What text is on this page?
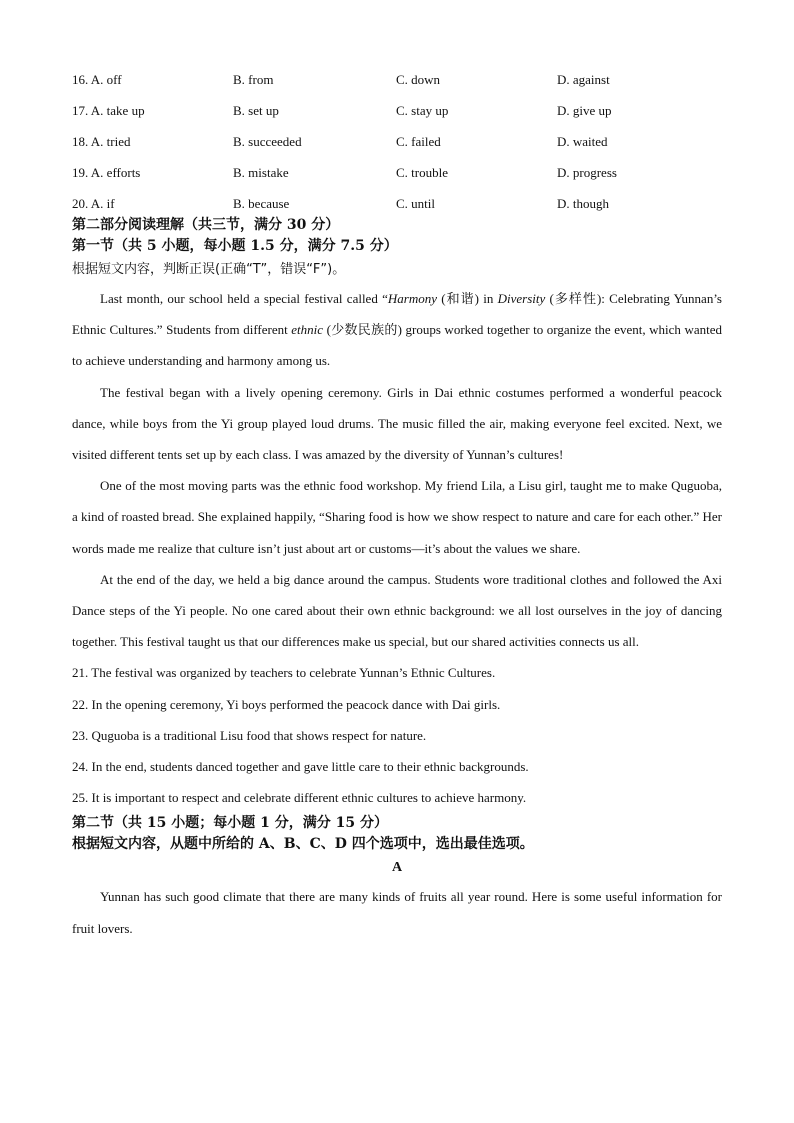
16. A. off	B. from	C. down	D. against
17. A. take up	B. set up	C. stay up	D. give up
18. A. tried	B. succeeded	C. failed	D. waited
19. A. efforts	B. mistake	C. trouble	D. progress
20. A. if	B. because	C. until	D. though
第二部分阅读理解（共三节，满分 30 分）
第一节（共 5 小题，每小题 1.5 分，满分 7.5 分）
根据短文内容，判断正误(正确“T”，错误“F”)。

Last month, our school held a special festival called “Harmony (和谐) in Diversity (多样性): Celebrating Yunnan’s Ethnic Cultures.” Students from different ethnic (少数民族的) groups worked together to organize the event, which wanted to achieve understanding and harmony among us.

The festival began with a lively opening ceremony. Girls in Dai ethnic costumes performed a wonderful peacock dance, while boys from the Yi group played loud drums. The music filled the air, making everyone feel excited. Next, we visited different tents set up by each class. I was amazed by the diversity of Yunnan’s cultures!

One of the most moving parts was the ethnic food workshop. My friend Lila, a Lisu girl, taught me to make Quguoba, a kind of roasted bread. She explained happily, “Sharing food is how we show respect to nature and care for each other.” Her words made me realize that culture isn’t just about art or customs—it’s about the values we share.

At the end of the day, we held a big dance around the campus. Students wore traditional clothes and followed the Axi Dance steps of the Yi people. No one cared about their own ethnic background: we all lost ourselves in the joy of dancing together. This festival taught us that our differences make us special, but our shared activities connects us all.

21. The festival was organized by teachers to celebrate Yunnan’s Ethnic Cultures.

22. In the opening ceremony, Yi boys performed the peacock dance with Dai girls.

23. Quguoba is a traditional Lisu food that shows respect for nature.

24. In the end, students danced together and gave little care to their ethnic backgrounds.

25. It is important to respect and celebrate different ethnic cultures to achieve harmony.

第二节（共 15 小题；每小题 1 分，满分 15 分）
根据短文内容，从题中所给的 A、B、C、D 四个选项中，选出最佳选项。
A

Yunnan has such good climate that there are many kinds of fruits all year round. Here is some useful information for fruit lovers.
